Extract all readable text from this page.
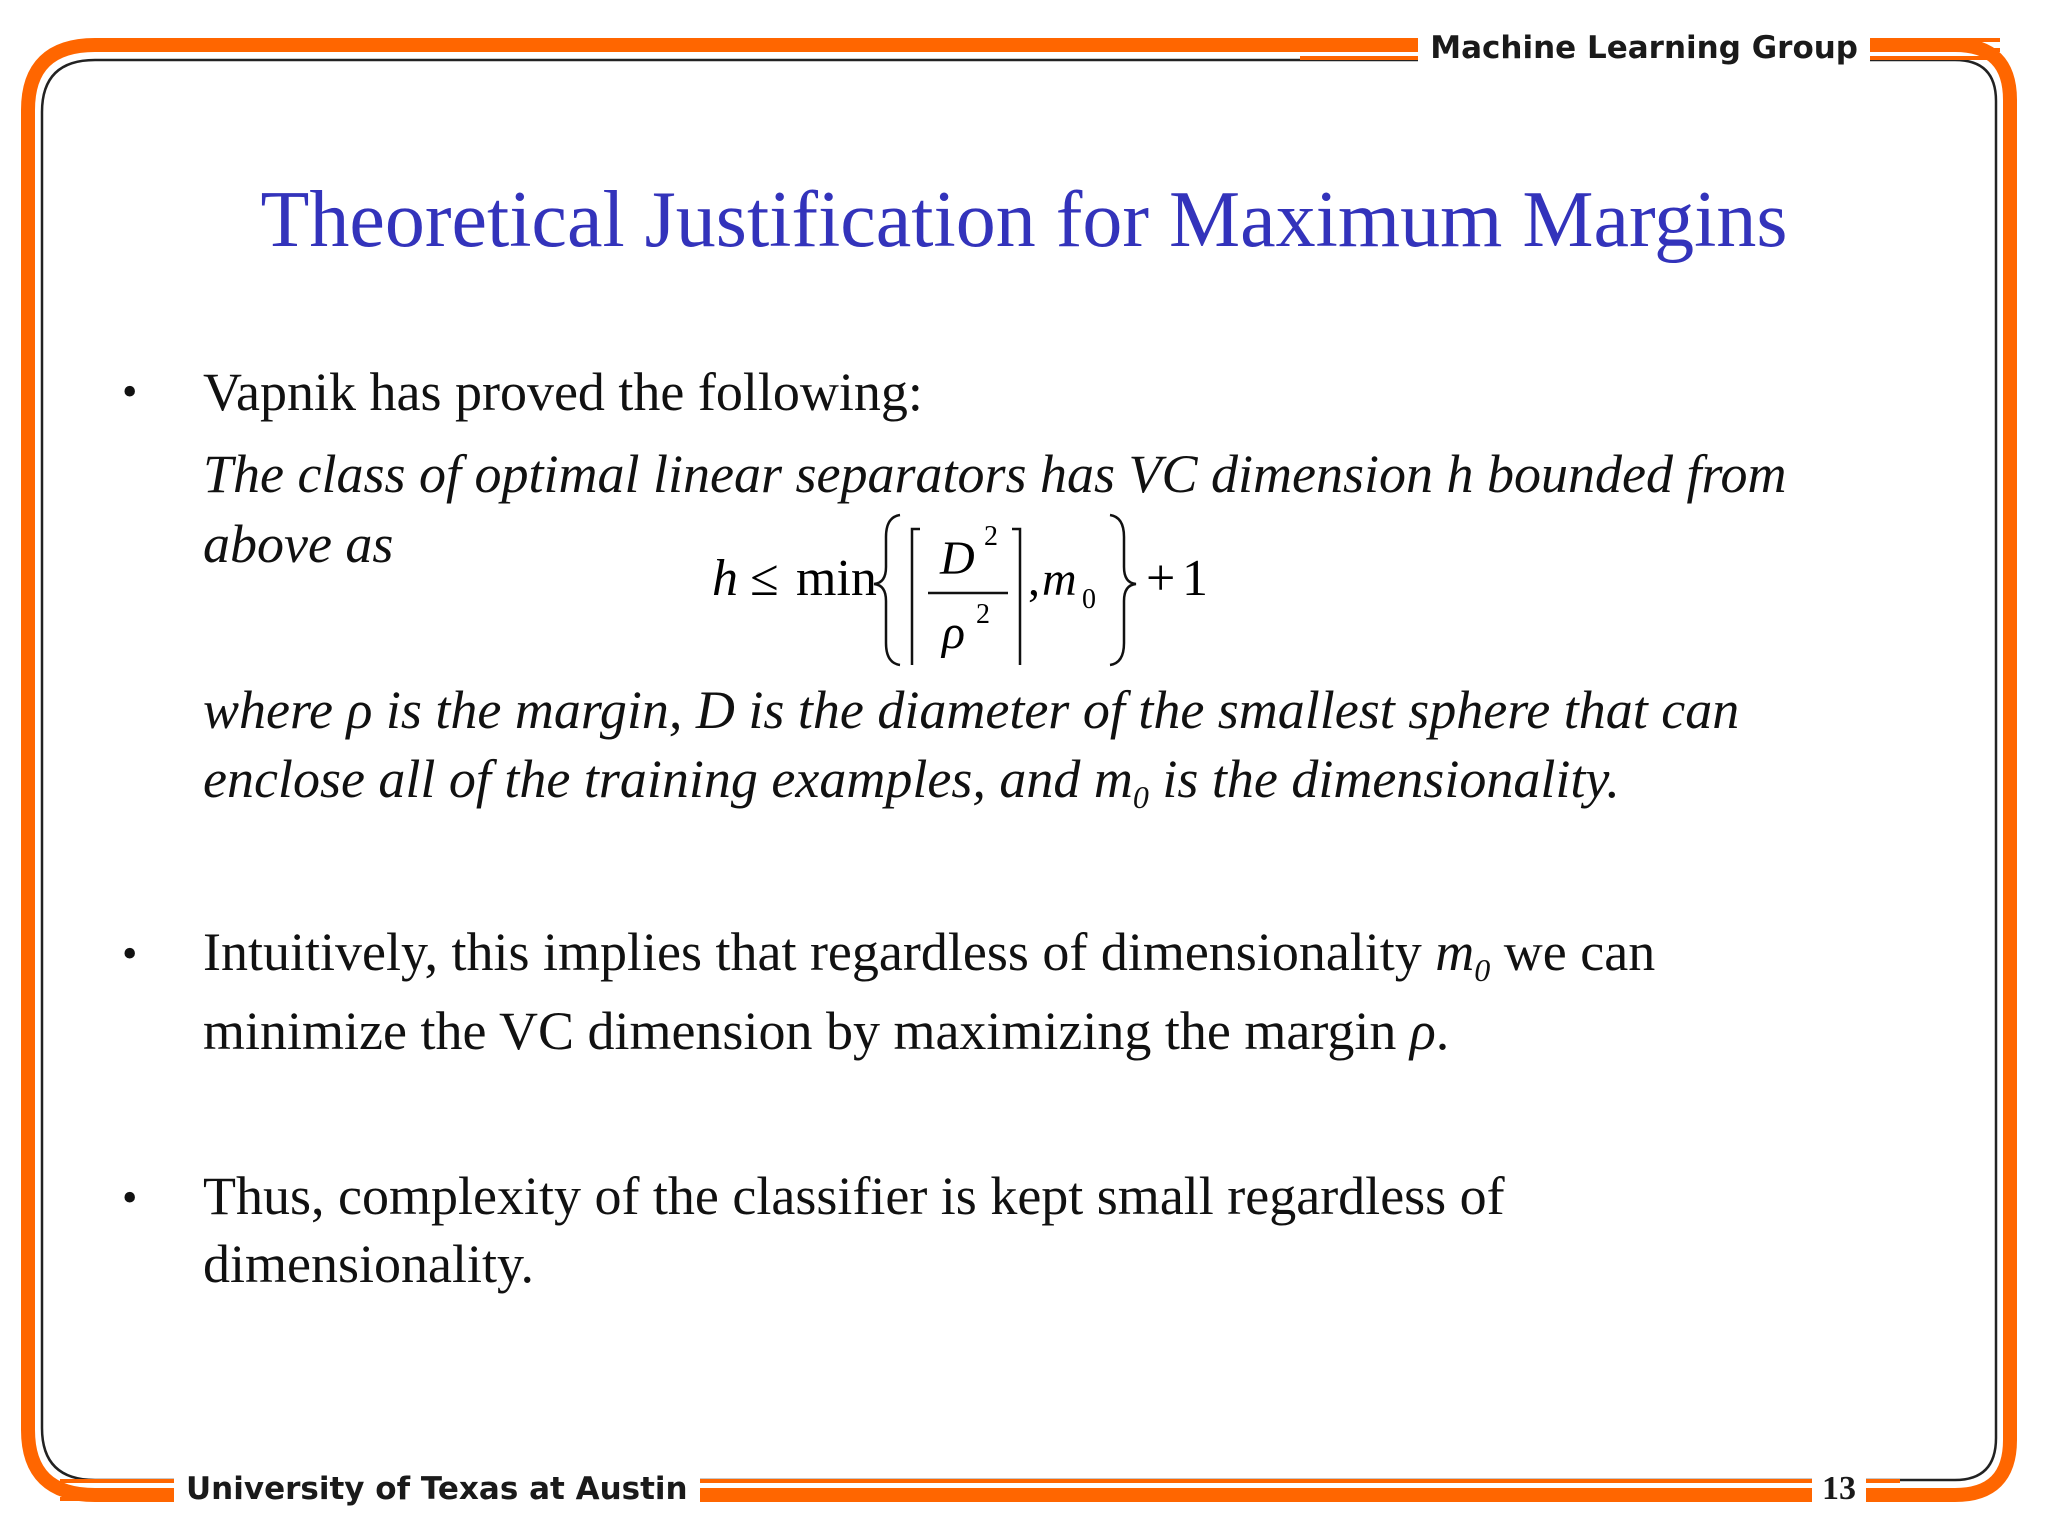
Machine Learning Group
University of Texas at Austin	13
Theoretical Justification for Maximum Margins
• Vapnik has proved the following:
The class of optimal linear separators has VC dimension h bounded from
above as
h ≤ min D 2
ρ 2
, m 0 + 1
where ρ is the margin, D is the diameter of the smallest sphere that can
enclose all of the training examples, and $m_0$ is the dimensionality.
• Intuitively, this implies that regardless of dimensionality $m_0$ we can
minimize the VC dimension by maximizing the margin ρ.
• Thus, complexity of the classifier is kept small regardless of
dimensionality.
